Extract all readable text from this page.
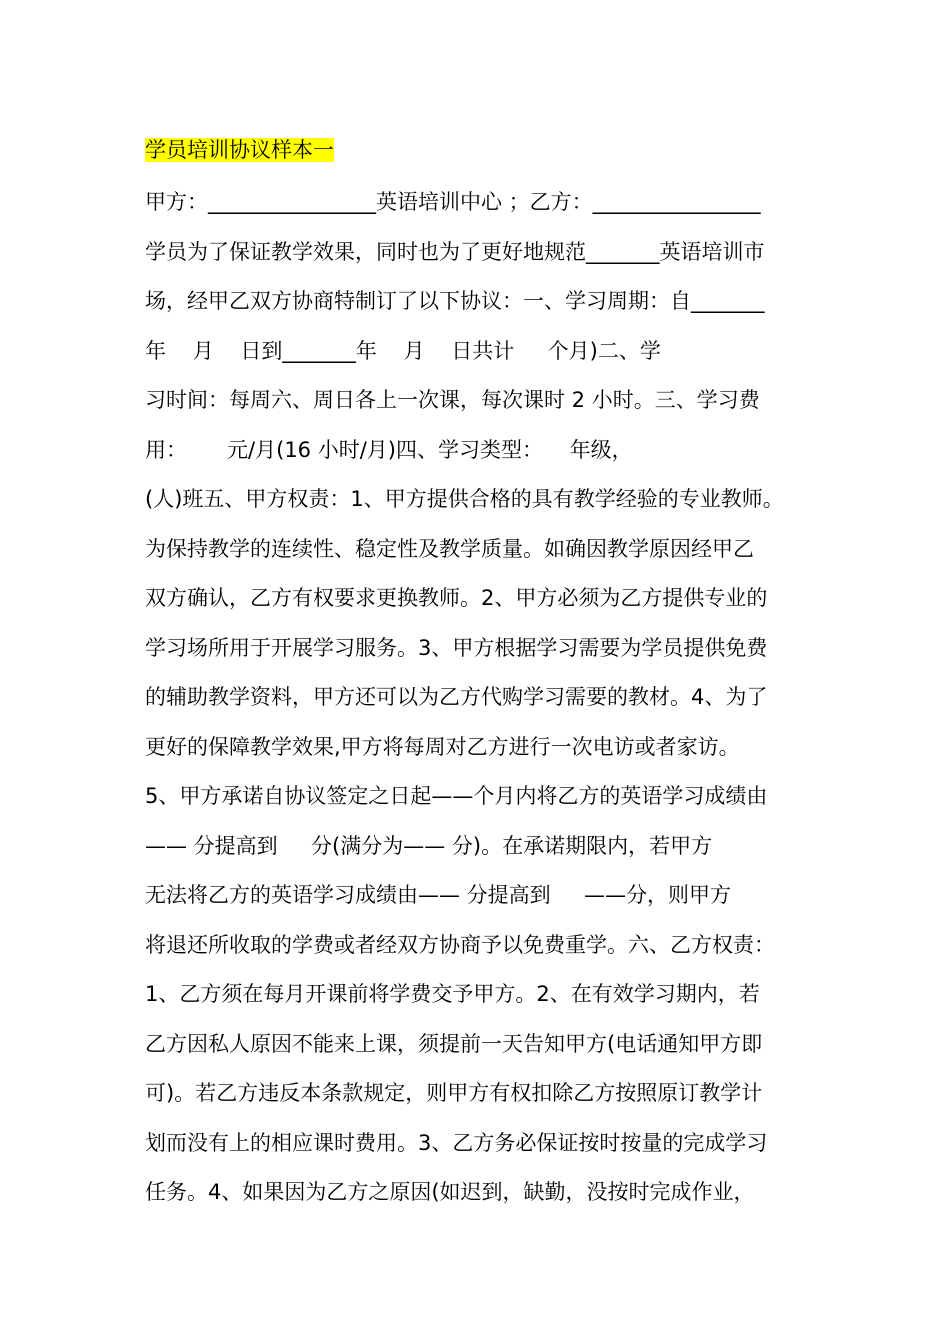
学员培训协议样本一
甲方：________________英语培训中心 ；乙方：________________
学员为了保证教学效果，同时也为了更好地规范_______英语培训市
场，经甲乙双方协商特制订了以下协议：一、学习周期：自_______
年    月    日到_______年    月    日共计     个月)二、学
习时间：每周六、周日各上一次课，每次课时 2 小时。三、学习费
用：      元/月(16 小时/月)四、学习类型：    年级，
(人)班五、甲方权责：1、甲方提供合格的具有教学经验的专业教师。
为保持教学的连续性、稳定性及教学质量。如确因教学原因经甲乙
双方确认，乙方有权要求更换教师。2、甲方必须为乙方提供专业的
学习场所用于开展学习服务。3、甲方根据学习需要为学员提供免费
的辅助教学资料，甲方还可以为乙方代购学习需要的教材。4、为了
更好的保障教学效果,甲方将每周对乙方进行一次电访或者家访。
5、甲方承诺自协议签定之日起——个月内将乙方的英语学习成绩由
—— 分提高到     分(满分为—— 分)。在承诺期限内，若甲方
无法将乙方的英语学习成绩由—— 分提高到     ——分，则甲方
将退还所收取的学费或者经双方协商予以免费重学。六、乙方权责：
1、乙方须在每月开课前将学费交予甲方。2、在有效学习期内，若
乙方因私人原因不能来上课，须提前一天告知甲方(电话通知甲方即
可)。若乙方违反本条款规定，则甲方有权扣除乙方按照原订教学计
划而没有上的相应课时费用。3、乙方务必保证按时按量的完成学习
任务。4、如果因为乙方之原因(如迟到，缺勤，没按时完成作业，
